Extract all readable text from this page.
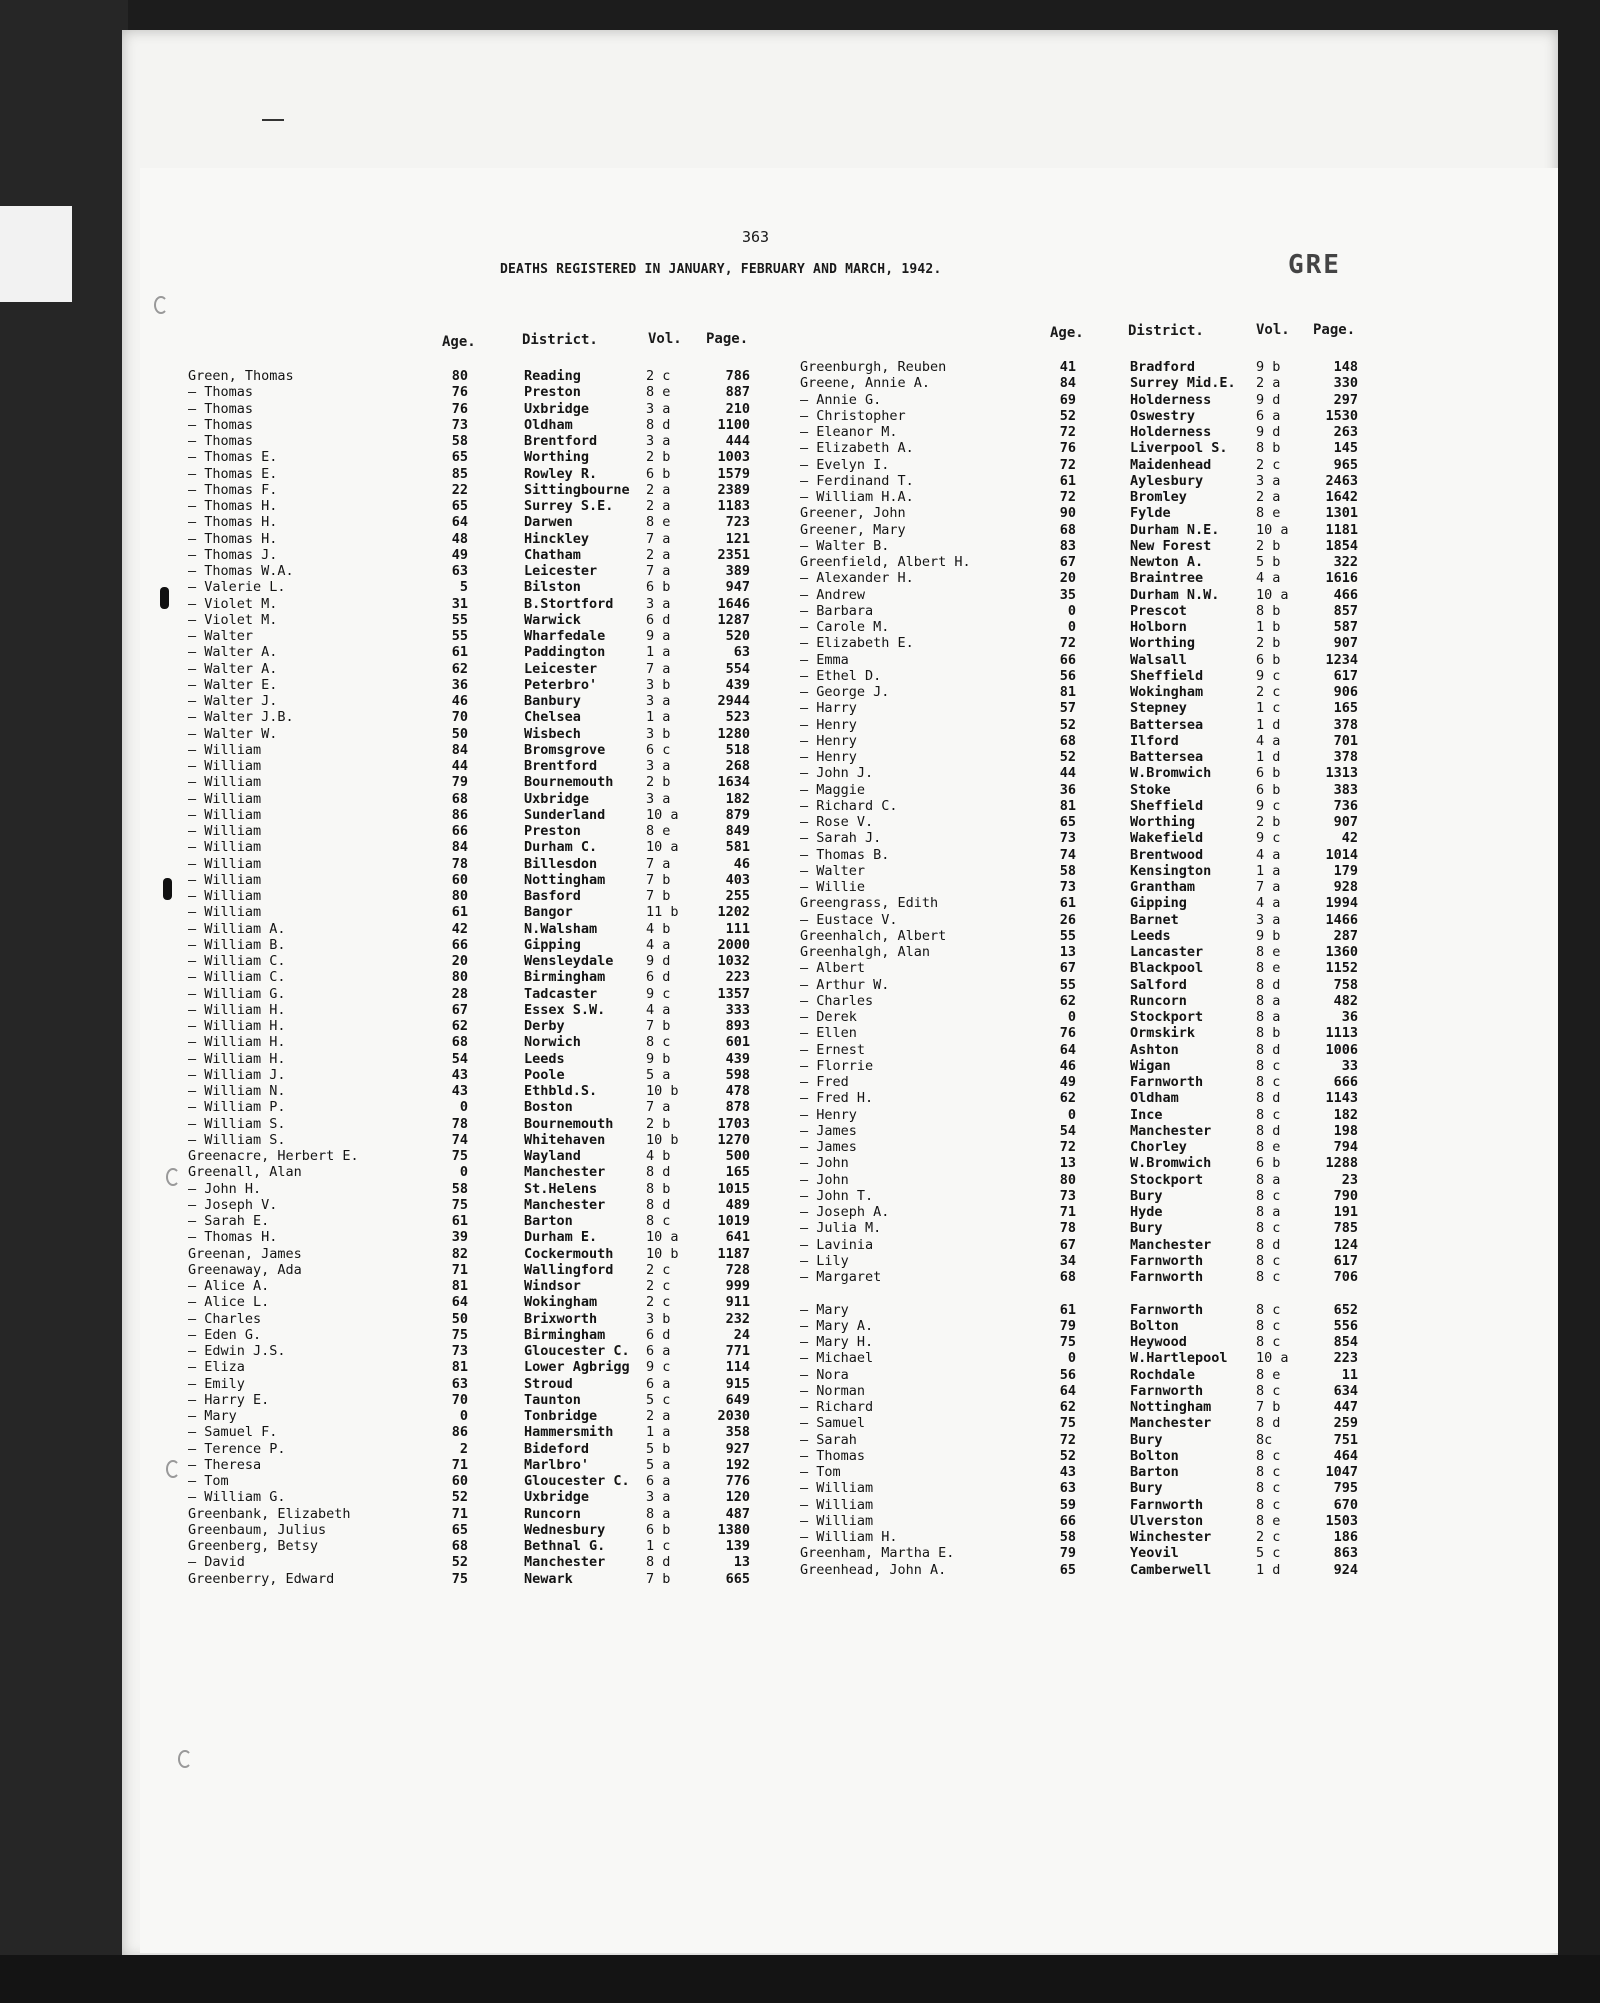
363
DEATHS REGISTERED IN JANUARY, FEBRUARY AND MARCH, 1942.	GRE
Age.	District.	Vol. Page.	Age.	District.	Vol. Page.
Green, Thomas	80	Reading	2 c	786
— Thomas	76	Preston	8 e	887
— Thomas	76	Uxbridge	3 a	210
— Thomas	73	Oldham	8 d	1100
— Thomas	58	Brentford	3 a	444
— Thomas E.	65	Worthing	2 b	1003
— Thomas E.	85	Rowley R.	6 b	1579
— Thomas F.	22	Sittingbourne 2 a	2389
— Thomas H.	65	Surrey S.E. 2 a	1183
— Thomas H.	64	Darwen	8 e	723
— Thomas H.	48	Hinckley	7 a	121
— Thomas J.	49	Chatham	2 a	2351
— Thomas W.A.	63	Leicester	7 a	389
— Valerie L.	5	Bilston	6 b	947
— Violet M.	31	B.Stortford 3 a	1646
— Violet M.	55	Warwick	6 d	1287
— Walter	55	Wharfedale	9 a	520
— Walter A.	61	Paddington	1 a	63
— Walter A.	62	Leicester	7 a	554
— Walter E.	36	Peterbro'	3 b	439
— Walter J.	46	Banbury	3 a	2944
— Walter J.B.	70	Chelsea	1 a	523
— Walter W.	50	Wisbech	3 b	1280
— William	84	Bromsgrove	6 c	518
— William	44	Brentford	3 a	268
— William	79	Bournemouth 2 b	1634
— William	68	Uxbridge	3 a	182
— William	86	Sunderland	10 a	879
— William	66	Preston	8 e	849
— William	84	Durham C.	10 a	581
— William	78	Billesdon	7 a	46
— William	60	Nottingham	7 b	403
— William	80	Basford	7 b	255
— William	61	Bangor	11 b	1202
— William A.	42	N.Walsham	4 b	111
— William B.	66	Gipping	4 a	2000
— William C.	20	Wensleydale 9 d	1032
— William C.	80	Birmingham	6 d	223
— William G.	28	Tadcaster	9 c	1357
— William H.	67	Essex S.W.	4 a	333
— William H.	62	Derby	7 b	893
— William H.	68	Norwich	8 c	601
— William H.	54	Leeds	9 b	439
— William J.	43	Poole	5 a	598
— William N.	43	Ethbld.S.	10 b	478
— William P.	0	Boston	7 a	878
— William S.	78	Bournemouth 2 b	1703
— William S.	74	Whitehaven	10 b	1270
Greenacre, Herbert E.	75	Wayland	4 b	500
Greenall, Alan	0	Manchester	8 d	165
— John H.	58	St.Helens	8 b	1015
— Joseph V.	75	Manchester	8 d	489
— Sarah E.	61	Barton	8 c	1019
— Thomas H.	39	Durham E.	10 a	641
Greenan, James	82	Cockermouth 10 b	1187
Greenaway, Ada	71	Wallingford 2 c	728
— Alice A.	81	Windsor	2 c	999
— Alice L.	64	Wokingham	2 c	911
— Charles	50	Brixworth	3 b	232
— Eden G.	75	Birmingham	6 d	24
— Edwin J.S.	73	Gloucester C. 6 a	771
— Eliza	81	Lower Agbrigg 9 c	114
— Emily	63	Stroud	6 a	915
— Harry E.	70	Taunton	5 c	649
— Mary	0	Tonbridge	2 a	2030
— Samuel F.	86	Hammersmith 1 a	358
— Terence P.	2	Bideford	5 b	927
— Theresa	71	Marlbro'	5 a	192
— Tom	60	Gloucester C. 6 a	776
— William G.	52	Uxbridge	3 a	120
Greenbank, Elizabeth	71	Runcorn	8 a	487
Greenbaum, Julius	65	Wednesbury	6 b	1380
Greenberg, Betsy	68	Bethnal G.	1 c	139
— David	52	Manchester	8 d	13
Greenberry, Edward	75	Newark	7 b	665
Greenburgh, Reuben	41	Bradford	9 b	148
Greene, Annie A.	84	Surrey Mid.E. 2 a	330
— Annie G.	69	Holderness	9 d	297
— Christopher	52	Oswestry	6 a	1530
— Eleanor M.	72	Holderness	9 d	263
— Elizabeth A.	76	Liverpool S. 8 b	145
— Evelyn I.	72	Maidenhead	2 c	965
— Ferdinand T.	61	Aylesbury	3 a	2463
— William H.A.	72	Bromley	2 a	1642
Greener, John	90	Fylde	8 e	1301
Greener, Mary	68	Durham N.E.	10 a	1181
— Walter B.	83	New Forest	2 b	1854
Greenfield, Albert H.	67	Newton A.	5 b	322
— Alexander H.	20	Braintree	4 a	1616
— Andrew	35	Durham N.W.	10 a	466
— Barbara	0	Prescot	8 b	857
— Carole M.	0	Holborn	1 b	587
— Elizabeth E.	72	Worthing	2 b	907
— Emma	66	Walsall	6 b	1234
— Ethel D.	56	Sheffield	9 c	617
— George J.	81	Wokingham	2 c	906
— Harry	57	Stepney	1 c	165
— Henry	52	Battersea	1 d	378
— Henry	68	Ilford	4 a	701
— Henry	52	Battersea	1 d	378
— John J.	44	W.Bromwich	6 b	1313
— Maggie	36	Stoke	6 b	383
— Richard C.	81	Sheffield	9 c	736
— Rose V.	65	Worthing	2 b	907
— Sarah J.	73	Wakefield	9 c	42
— Thomas B.	74	Brentwood	4 a	1014
— Walter	58	Kensington	1 a	179
— Willie	73	Grantham	7 a	928
Greengrass, Edith	61	Gipping	4 a	1994
— Eustace V.	26	Barnet	3 a	1466
Greenhalch, Albert	55	Leeds	9 b	287
Greenhalgh, Alan	13	Lancaster	8 e	1360
— Albert	67	Blackpool	8 e	1152
— Arthur W.	55	Salford	8 d	758
— Charles	62	Runcorn	8 a	482
— Derek	0	Stockport	8 a	36
— Ellen	76	Ormskirk	8 b	1113
— Ernest	64	Ashton	8 d	1006
— Florrie	46	Wigan	8 c	33
— Fred	49	Farnworth	8 c	666
— Fred H.	62	Oldham	8 d	1143
— Henry	0	Ince	8 c	182
— James	54	Manchester	8 d	198
— James	72	Chorley	8 e	794
— John	13	W.Bromwich	6 b	1288
— John	80	Stockport	8 a	23
— John T.	73	Bury	8 c	790
— Joseph A.	71	Hyde	8 a	191
— Julia M.	78	Bury	8 c	785
— Lavinia	67	Manchester	8 d	124
— Lily	34	Farnworth	8 c	617
— Margaret	68	Farnworth	8 c	706
— Mary	61	Farnworth	8 c	652
— Mary A.	79	Bolton	8 c	556
— Mary H.	75	Heywood	8 c	854
— Michael	0	W.Hartlepool 10 a	223
— Nora	56	Rochdale	8 e	11
— Norman	64	Farnworth	8 c	634
— Richard	62	Nottingham	7 b	447
— Samuel	75	Manchester	8 d	259
— Sarah	72	Bury	8c	751
— Thomas	52	Bolton	8 c	464
— Tom	43	Barton	8 c	1047
— William	63	Bury	8 c	795
— William	59	Farnworth	8 c	670
— William	66	Ulverston	8 e	1503
— William H.	58	Winchester	2 c	186
Greenham, Martha E.	79	Yeovil	5 c	863
Greenhead, John A.	65	Camberwell	1 d	924
